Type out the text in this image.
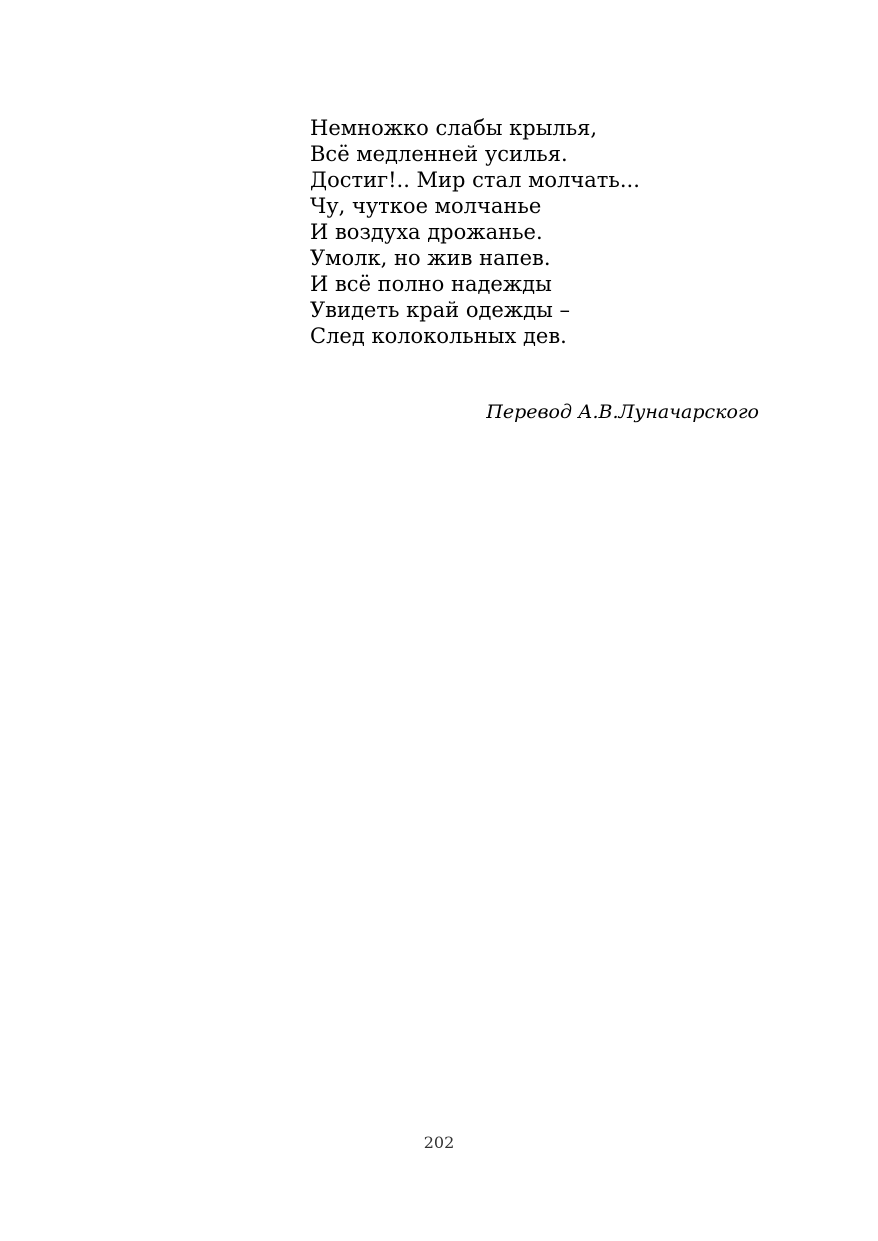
Немножко слабы крылья,
Всё медленней усилья.
Достиг!.. Мир стал молчать...
Чу, чуткое молчанье
И воздуха дрожанье.
Умолк, но жив напев.
И всё полно надежды
Увидеть край одежды –
След колокольных дев.
Перевод А.В.Луначарского
202
